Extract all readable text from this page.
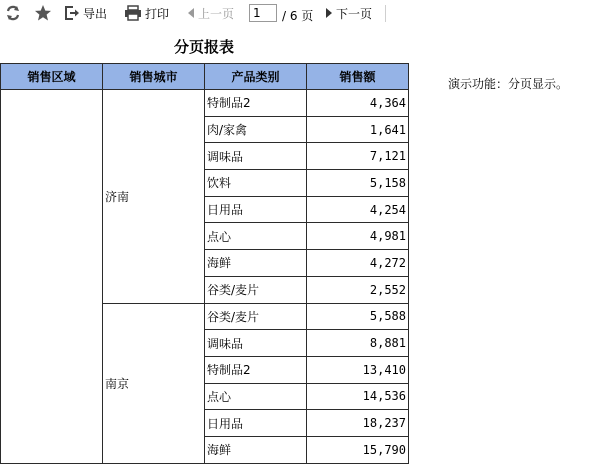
导出	打印 上一页
1	/ 6 页 下一页
分页报表
演示功能：分页显示。
销售区域	销售城市	产品类别	销售额
	济南	特制品2	4,364
		肉/家禽	1,641
		调味品	7,121
		饮料	5,158
		日用品	4,254
		点心	4,981
		海鲜	4,272
		谷类/麦片	2,552
	南京	谷类/麦片	5,588
		调味品	8,881
		特制品2	13,410
		点心	14,536
		日用品	18,237
		海鲜	15,790
